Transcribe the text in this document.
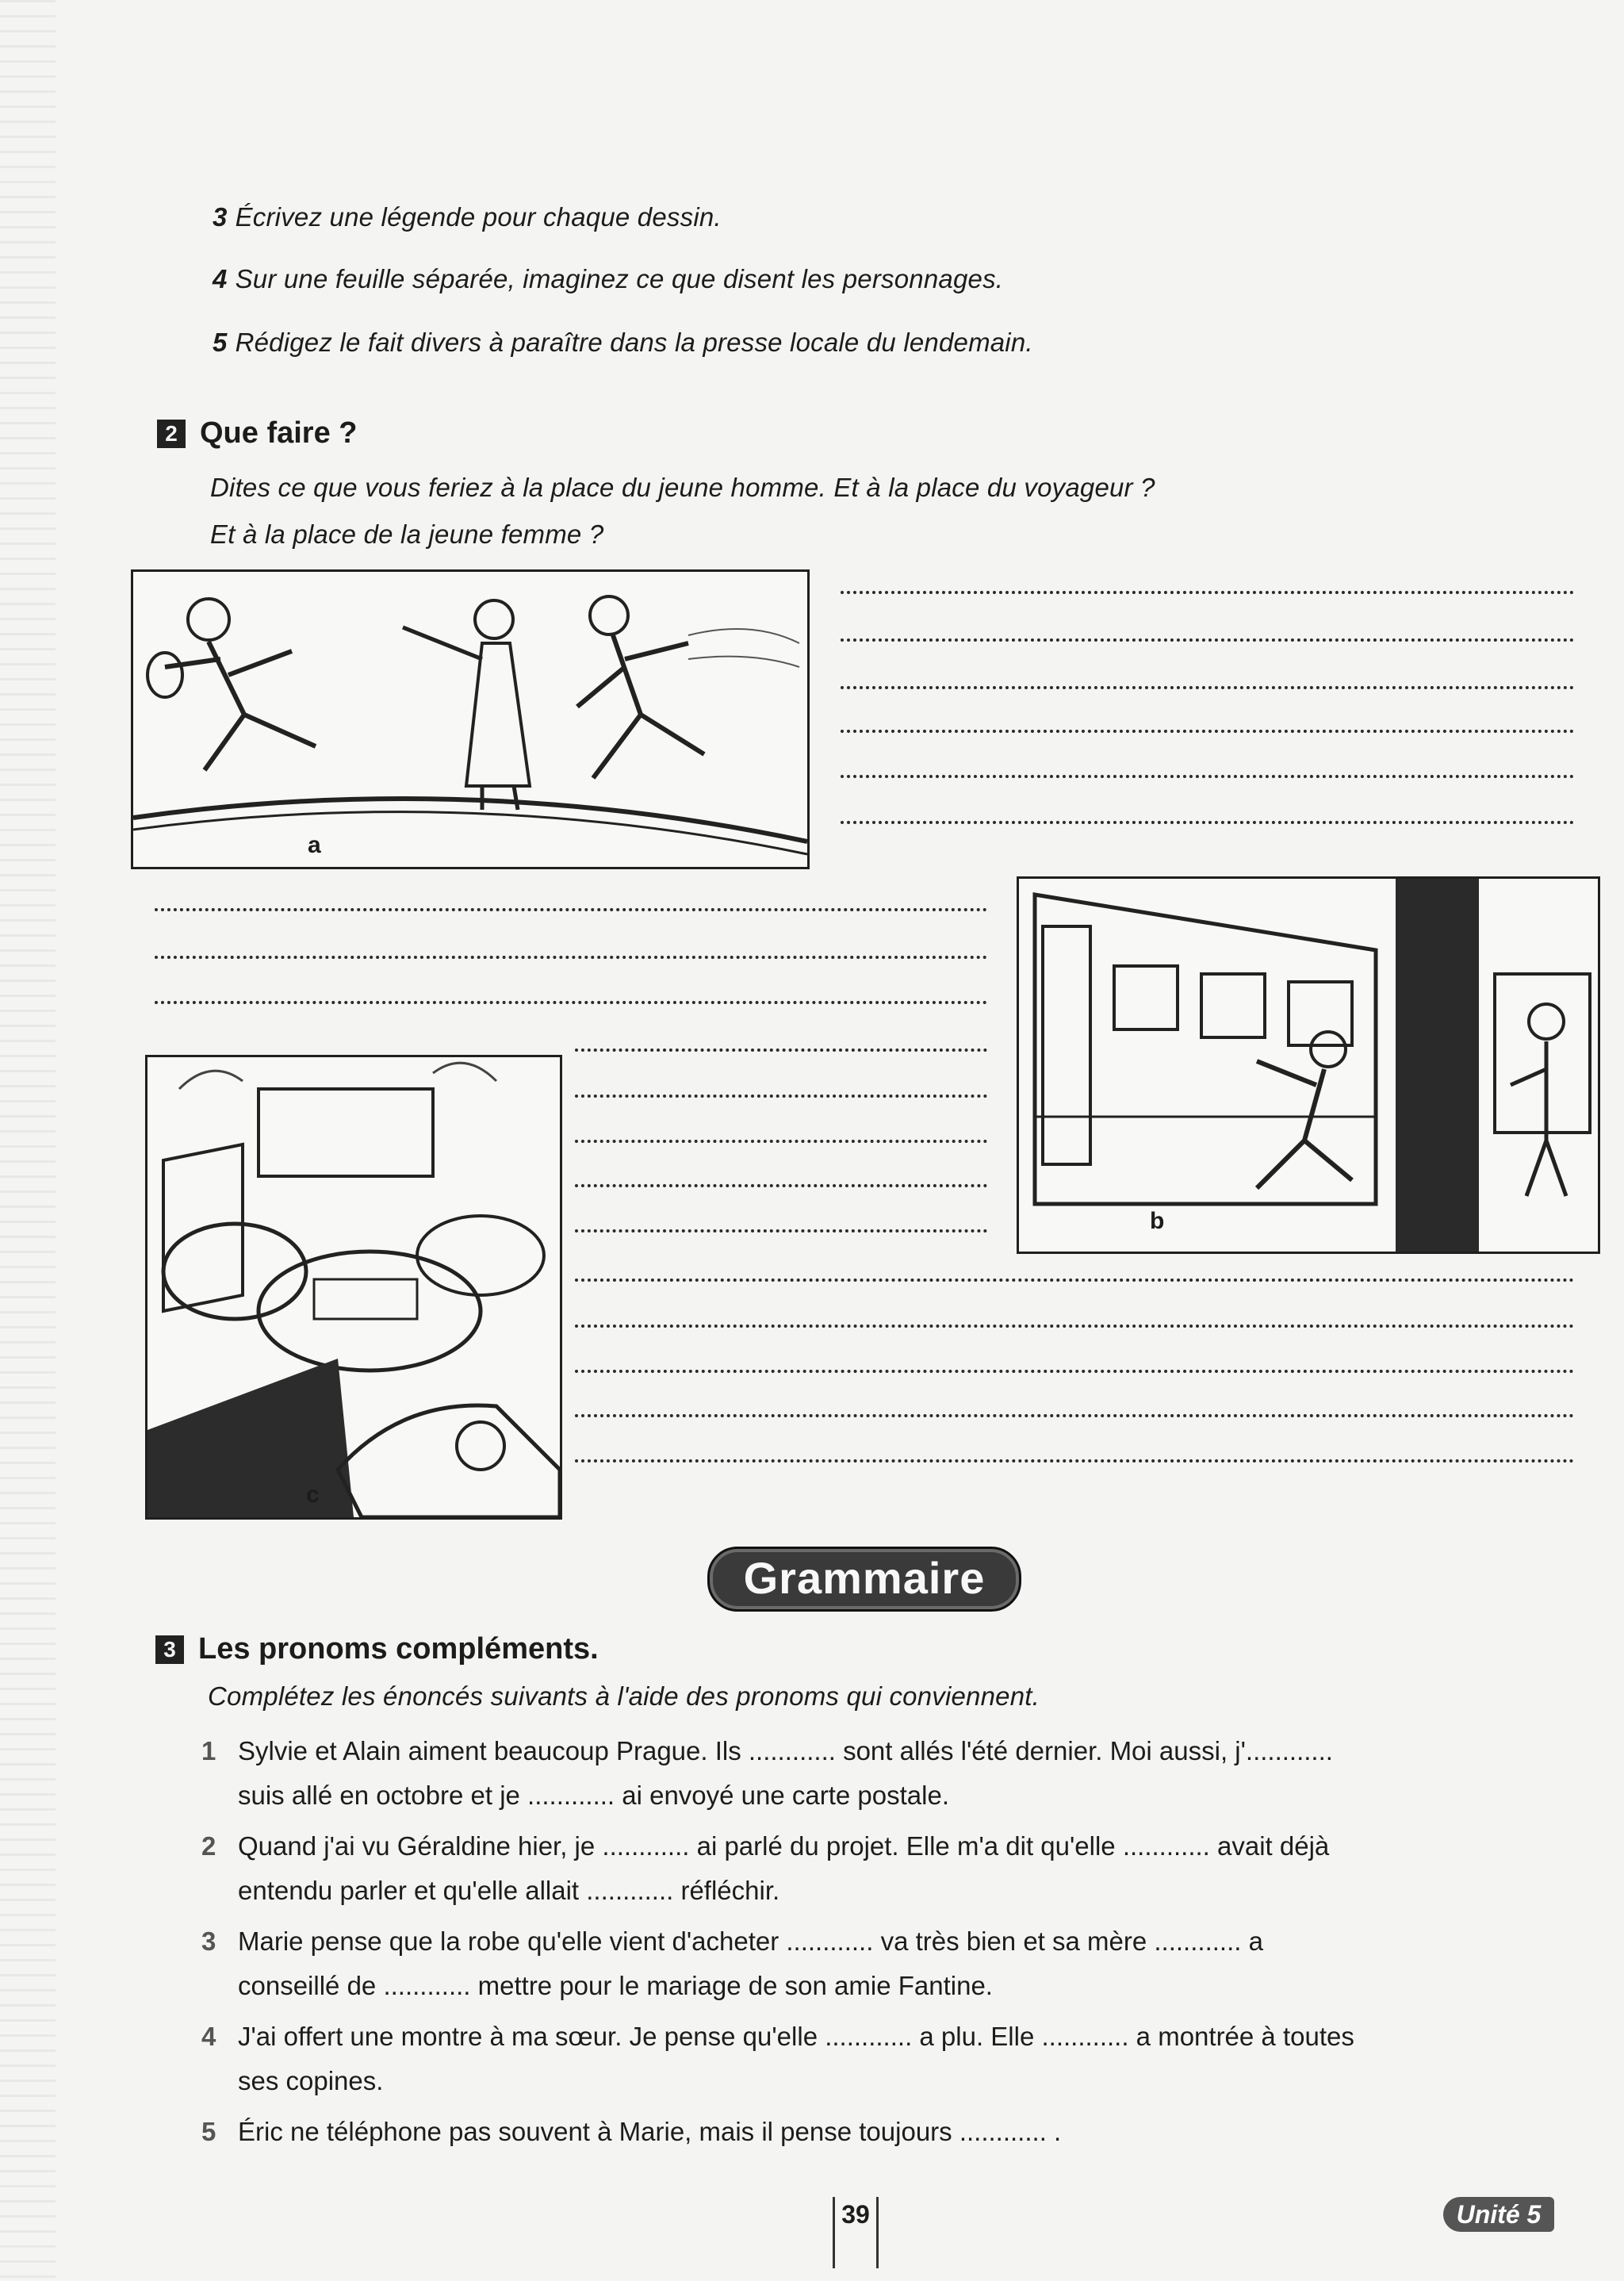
3 Écrivez une légende pour chaque dessin.
4 Sur une feuille séparée, imaginez ce que disent les personnages.
5 Rédigez le fait divers à paraître dans la presse locale du lendemain.
2 Que faire ?
Dites ce que vous feriez à la place du jeune homme. Et à la place du voyageur ?
Et à la place de la jeune femme ?
a
b
c
Grammaire
3 Les pronoms compléments.
Complétez les énoncés suivants à l'aide des pronoms qui conviennent.
1 Sylvie et Alain aiment beaucoup Prague. Ils ............ sont allés l'été dernier. Moi aussi, j'............
suis allé en octobre et je ............ ai envoyé une carte postale.
2 Quand j'ai vu Géraldine hier, je ............ ai parlé du projet. Elle m'a dit qu'elle ............ avait déjà
entendu parler et qu'elle allait ............ réfléchir.
3 Marie pense que la robe qu'elle vient d'acheter ............ va très bien et sa mère ............ a
conseillé de ............ mettre pour le mariage de son amie Fantine.
4 J'ai offert une montre à ma sœur. Je pense qu'elle ............ a plu. Elle ............ a montrée à toutes
ses copines.
5 Éric ne téléphone pas souvent à Marie, mais il pense toujours ............ .
39	Unité 5
